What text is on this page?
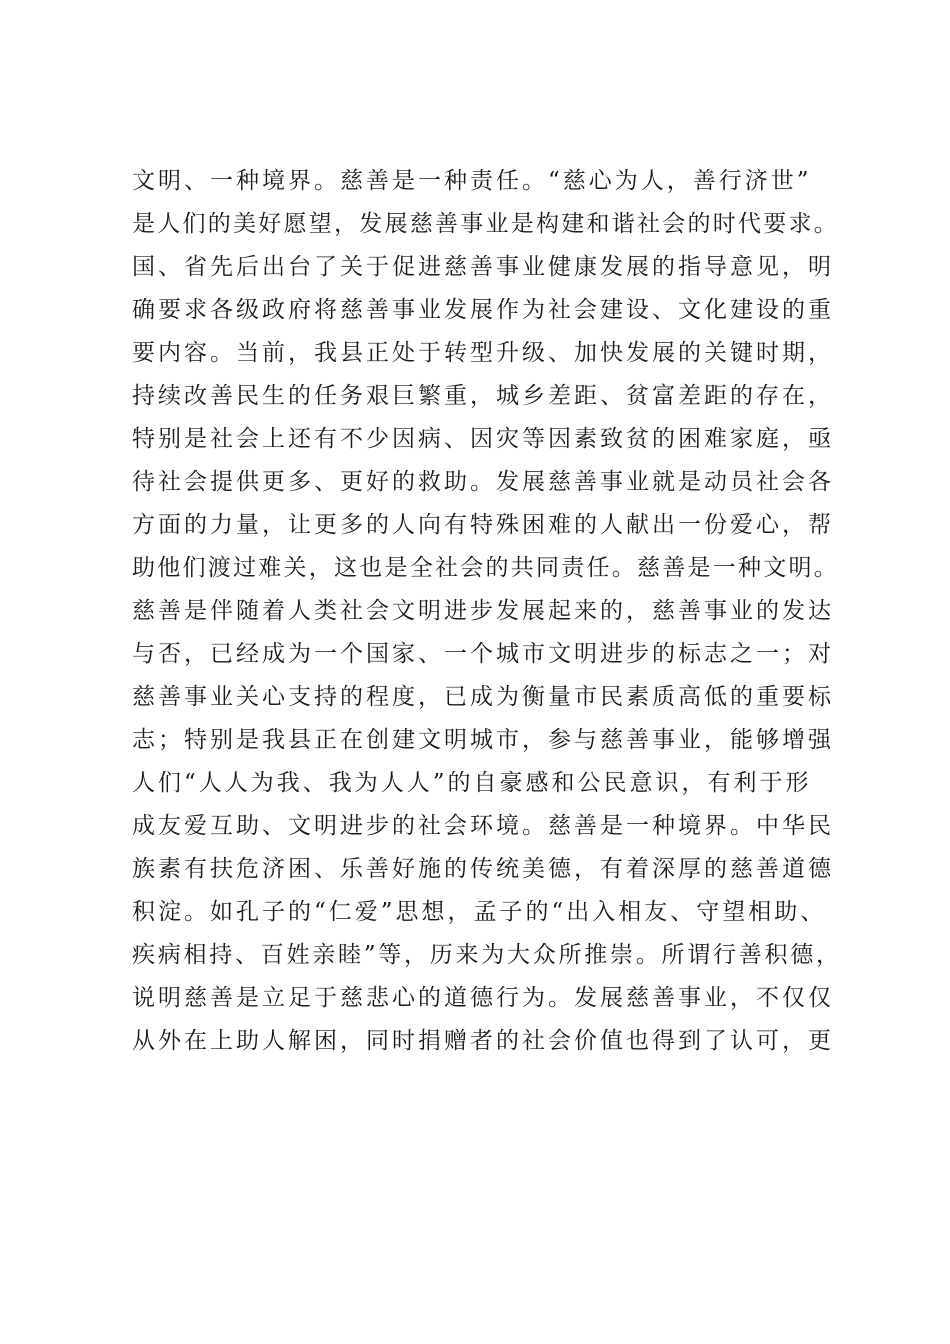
文明、一种境界。慈善是一种责任。“慈心为人，善行济世”
是人们的美好愿望，发展慈善事业是构建和谐社会的时代要求。
国、省先后出台了关于促进慈善事业健康发展的指导意见，明
确要求各级政府将慈善事业发展作为社会建设、文化建设的重
要内容。当前，我县正处于转型升级、加快发展的关键时期，
持续改善民生的任务艰巨繁重，城乡差距、贫富差距的存在，
特别是社会上还有不少因病、因灾等因素致贫的困难家庭，亟
待社会提供更多、更好的救助。发展慈善事业就是动员社会各
方面的力量，让更多的人向有特殊困难的人献出一份爱心，帮
助他们渡过难关，这也是全社会的共同责任。慈善是一种文明。
慈善是伴随着人类社会文明进步发展起来的，慈善事业的发达
与否，已经成为一个国家、一个城市文明进步的标志之一；对
慈善事业关心支持的程度，已成为衡量市民素质高低的重要标
志；特别是我县正在创建文明城市，参与慈善事业，能够增强
人们“人人为我、我为人人”的自豪感和公民意识，有利于形
成友爱互助、文明进步的社会环境。慈善是一种境界。中华民
族素有扶危济困、乐善好施的传统美德，有着深厚的慈善道德
积淀。如孔子的“仁爱”思想，孟子的“出入相友、守望相助、
疾病相持、百姓亲睦”等，历来为大众所推崇。所谓行善积德，
说明慈善是立足于慈悲心的道德行为。发展慈善事业，不仅仅
从外在上助人解困，同时捐赠者的社会价值也得到了认可，更
